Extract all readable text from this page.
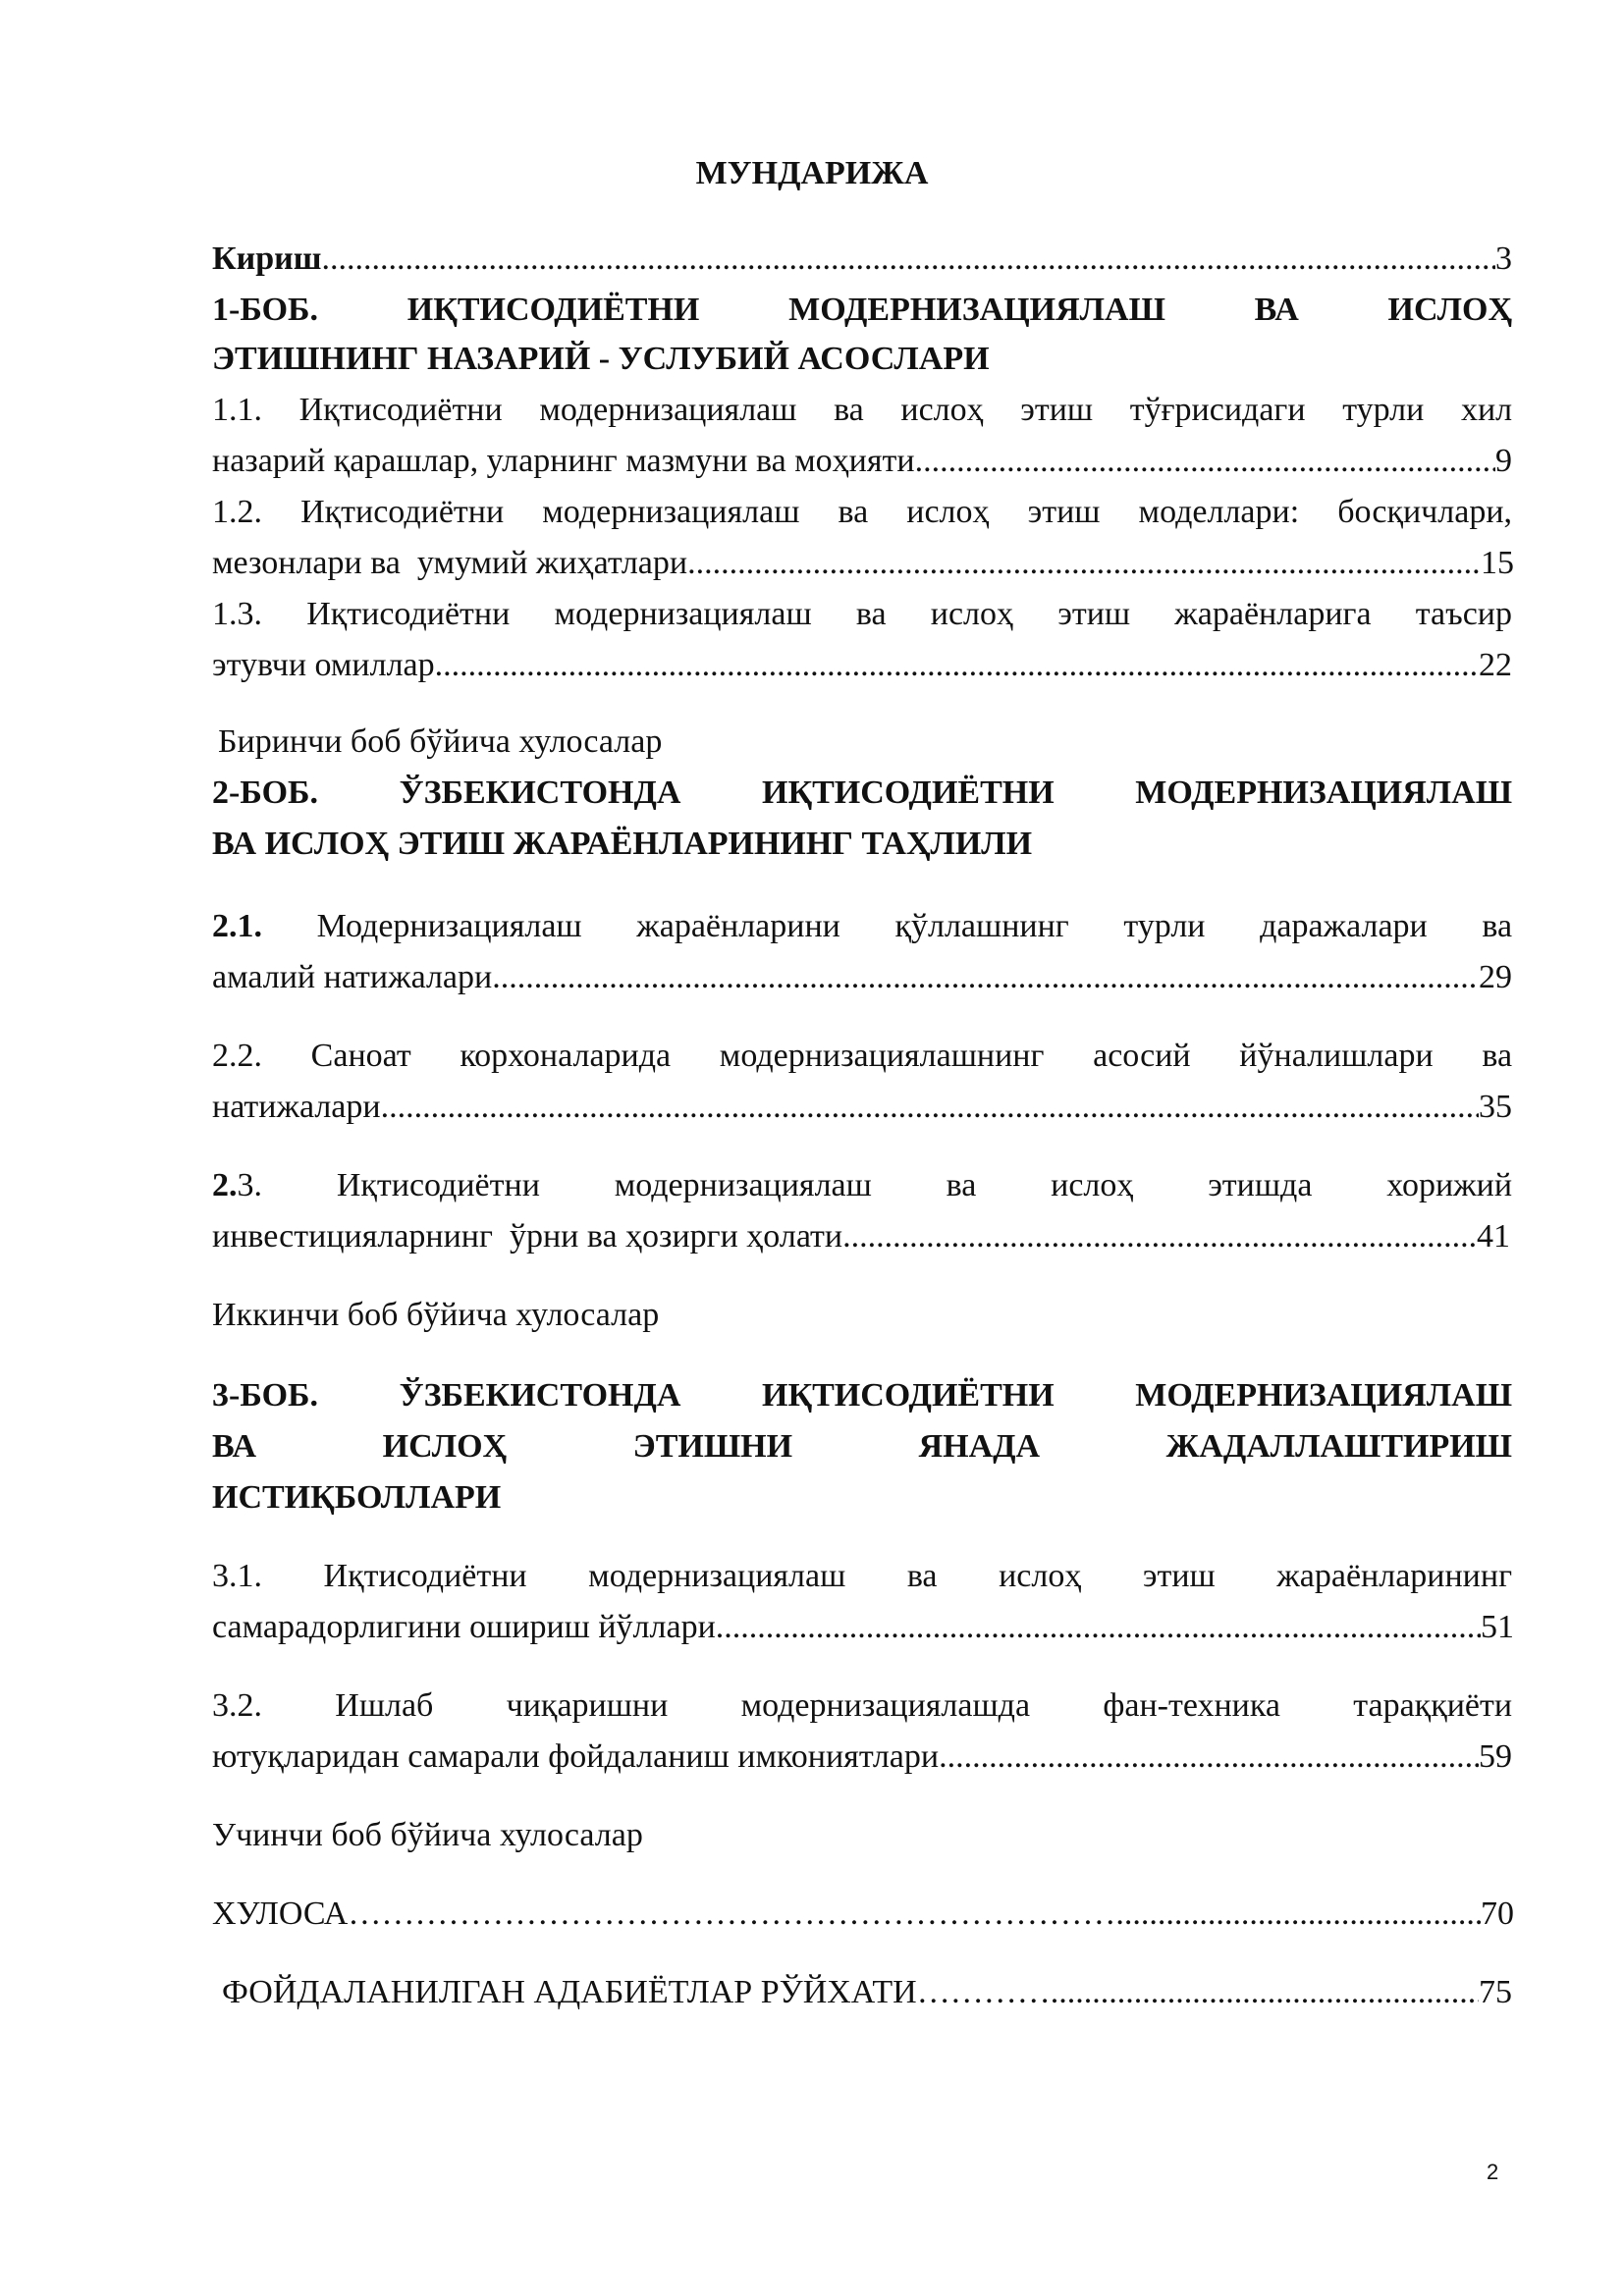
МУНДАРИЖА
Кириш .....	3
1-БОБ.	ИҚТИСОДИЁТНИ	МОДЕРНИЗАЦИЯЛАШ	ВА	ИСЛОҲ
ЭТИШНИНГ НАЗАРИЙ - УСЛУБИЙ АСОСЛАРИ
1.1. Иқтисодиётни модернизациялаш ва ислоҳ этиш тўғрисидаги турли хил
назарий қарашлар, уларнинг мазмуни ва моҳияти .....	9
1.2. Иқтисодиётни модернизациялаш ва ислоҳ этиш моделлари: босқичлари,
мезонлари ва  умумий жиҳатлари .....	15
1.3. Иқтисодиётни модернизациялаш ва ислоҳ этиш жараёнларига таъсир
этувчи омиллар .....	22
Биринчи боб бўйича хулосалар
2-БОБ. ЎЗБЕКИСТОНДА ИҚТИСОДИЁТНИ МОДЕРНИЗАЦИЯЛАШ
ВА ИСЛОҲ ЭТИШ ЖАРАЁНЛАРИНИНГ ТАҲЛИЛИ
2.1. Модернизациялаш жараёнларини қўллашнинг турли даражалари ва
амалий натижалари .....	29
2.2. Саноат корхоналарида модернизациялашнинг асосий йўналишлари ва
натижалари .....	35
2.3. Иқтисодиётни модернизациялаш ва ислоҳ этишда хорижий
инвестицияларнинг  ўрни ва ҳозирги ҳолати .....	41
Иккинчи боб бўйича хулосалар
3-БОБ. ЎЗБЕКИСТОНДА ИҚТИСОДИЁТНИ МОДЕРНИЗАЦИЯЛАШ
ВА	ИСЛОҲ	ЭТИШНИ	ЯНАДА	ЖАДАЛЛАШТИРИШ
ИСТИҚБОЛЛАРИ
3.1. Иқтисодиётни модернизациялаш ва ислоҳ этиш жараёнларининг
самарадорлигини ошириш йўллари .....	51
3.2. Ишлаб чиқаришни модернизациялашда фан-техника тараққиёти
ютуқларидан самарали фойдаланиш имкониятлари .....	59
Учинчи боб бўйича хулосалар
ХУЛОСА…………………………………………………………… .....	70
ФОЙДАЛАНИЛГАН АДАБИЁТЛАР РЎЙХАТИ………… .....	75
2
